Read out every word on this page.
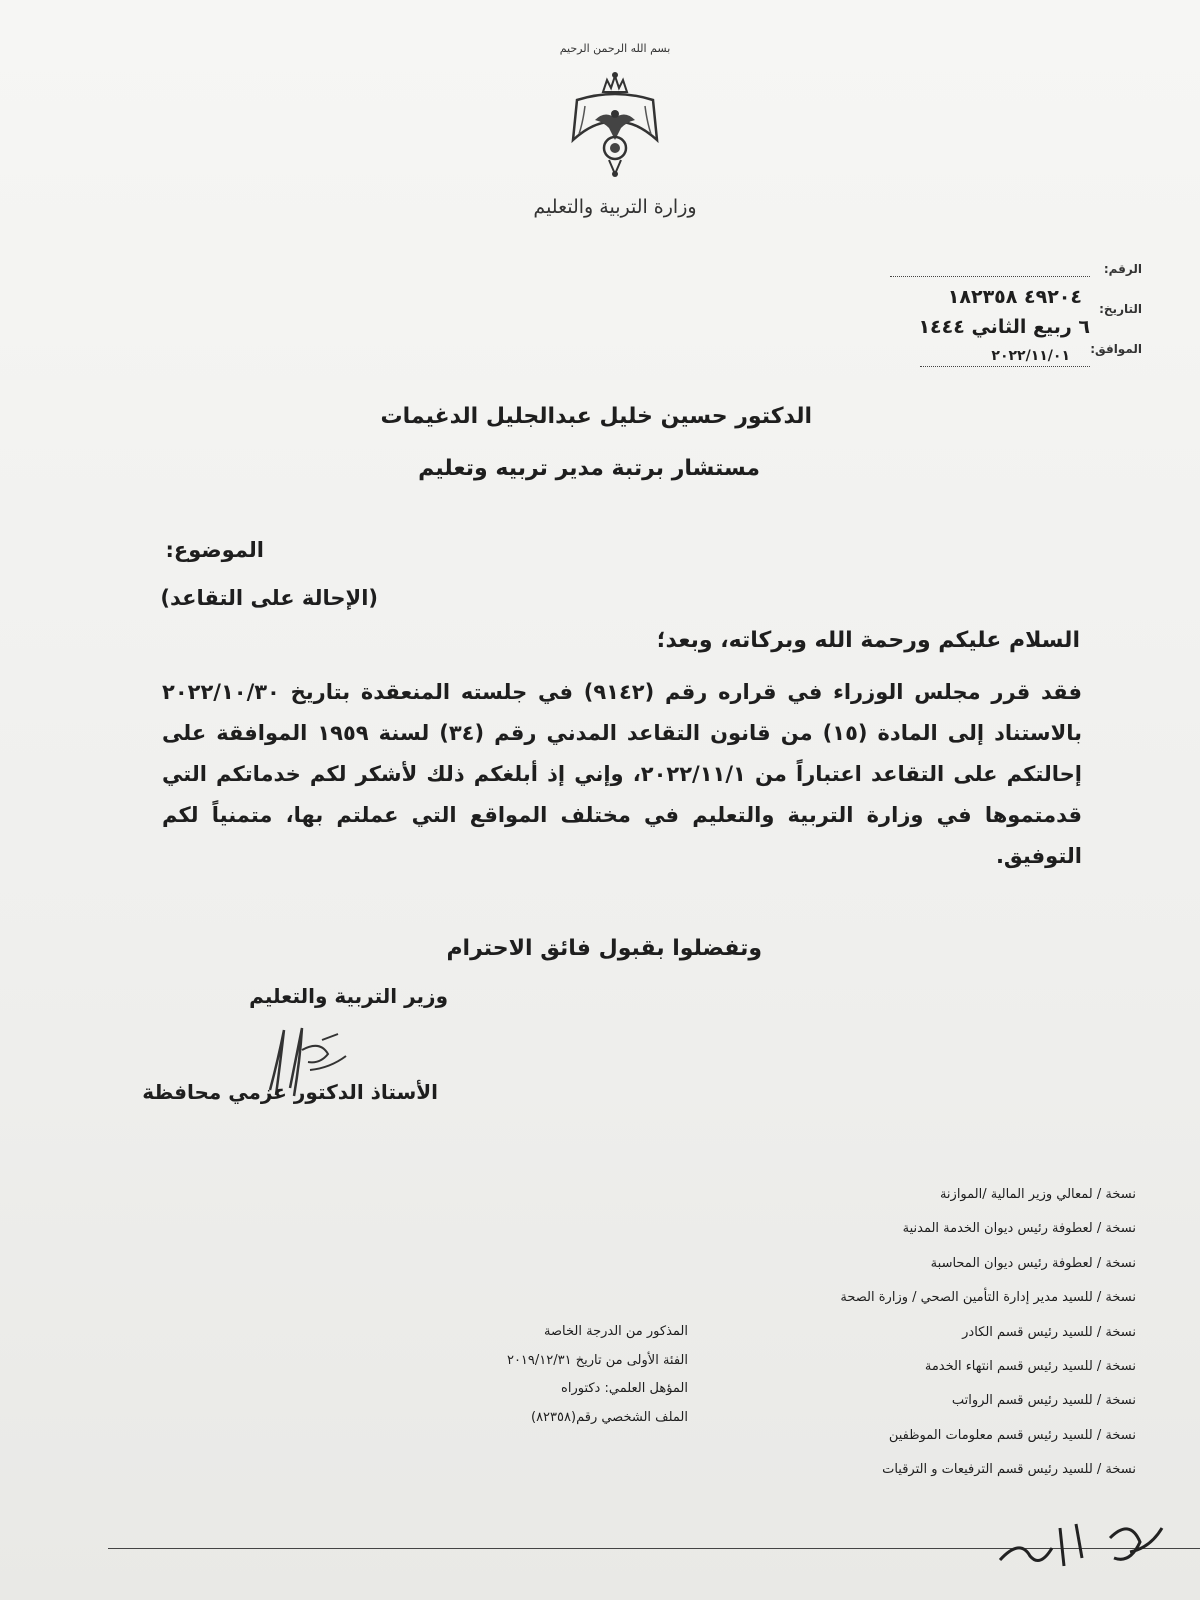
بسم الله الرحمن الرحيم
وزارة التربية والتعليم
الرقم:
٤٩٢٠٤ ١٨٢٣٥٨
التاريخ:
٦ ربيع الثاني ١٤٤٤
الموافق:
٢٠٢٢/١١/٠١
الدكتور حسين خليل عبدالجليل الدغيمات
مستشار برتبة مدير تربيه وتعليم
الموضوع:
(الإحالة على التقاعد)
السلام عليكم ورحمة الله وبركاته، وبعد؛
فقد قرر مجلس الوزراء في قراره رقم (٩١٤٢) في جلسته المنعقدة بتاريخ ٢٠٢٢/١٠/٣٠ بالاستناد إلى المادة (١٥) من قانون التقاعد المدني رقم (٣٤) لسنة ١٩٥٩ الموافقة على إحالتكم على التقاعد اعتباراً من ٢٠٢٢/١١/١، وإني إذ أبلغكم ذلك لأشكر لكم خدماتكم التي قدمتموها في وزارة التربية والتعليم في مختلف المواقع التي عملتم بها، متمنياً لكم التوفيق.
وتفضلوا بقبول فائق الاحترام
وزير التربية والتعليم
الأستاذ الدكتور عزمي محافظة
نسخة / لمعالي وزير المالية /الموازنة
نسخة / لعطوفة رئيس ديوان الخدمة المدنية
نسخة / لعطوفة رئيس ديوان المحاسبة
نسخة / للسيد مدير إدارة التأمين الصحي / وزارة الصحة
نسخة / للسيد رئيس قسم الكادر
نسخة / للسيد رئيس قسم انتهاء الخدمة
نسخة / للسيد رئيس قسم الرواتب
نسخة / للسيد رئيس قسم معلومات الموظفين
نسخة / للسيد رئيس قسم الترفيعات و الترقيات
المذكور من الدرجة الخاصة
الفئة الأولى من تاريخ ٢٠١٩/١٢/٣١
المؤهل العلمي: دكتوراه
الملف الشخصي رقم(٨٢٣٥٨)
